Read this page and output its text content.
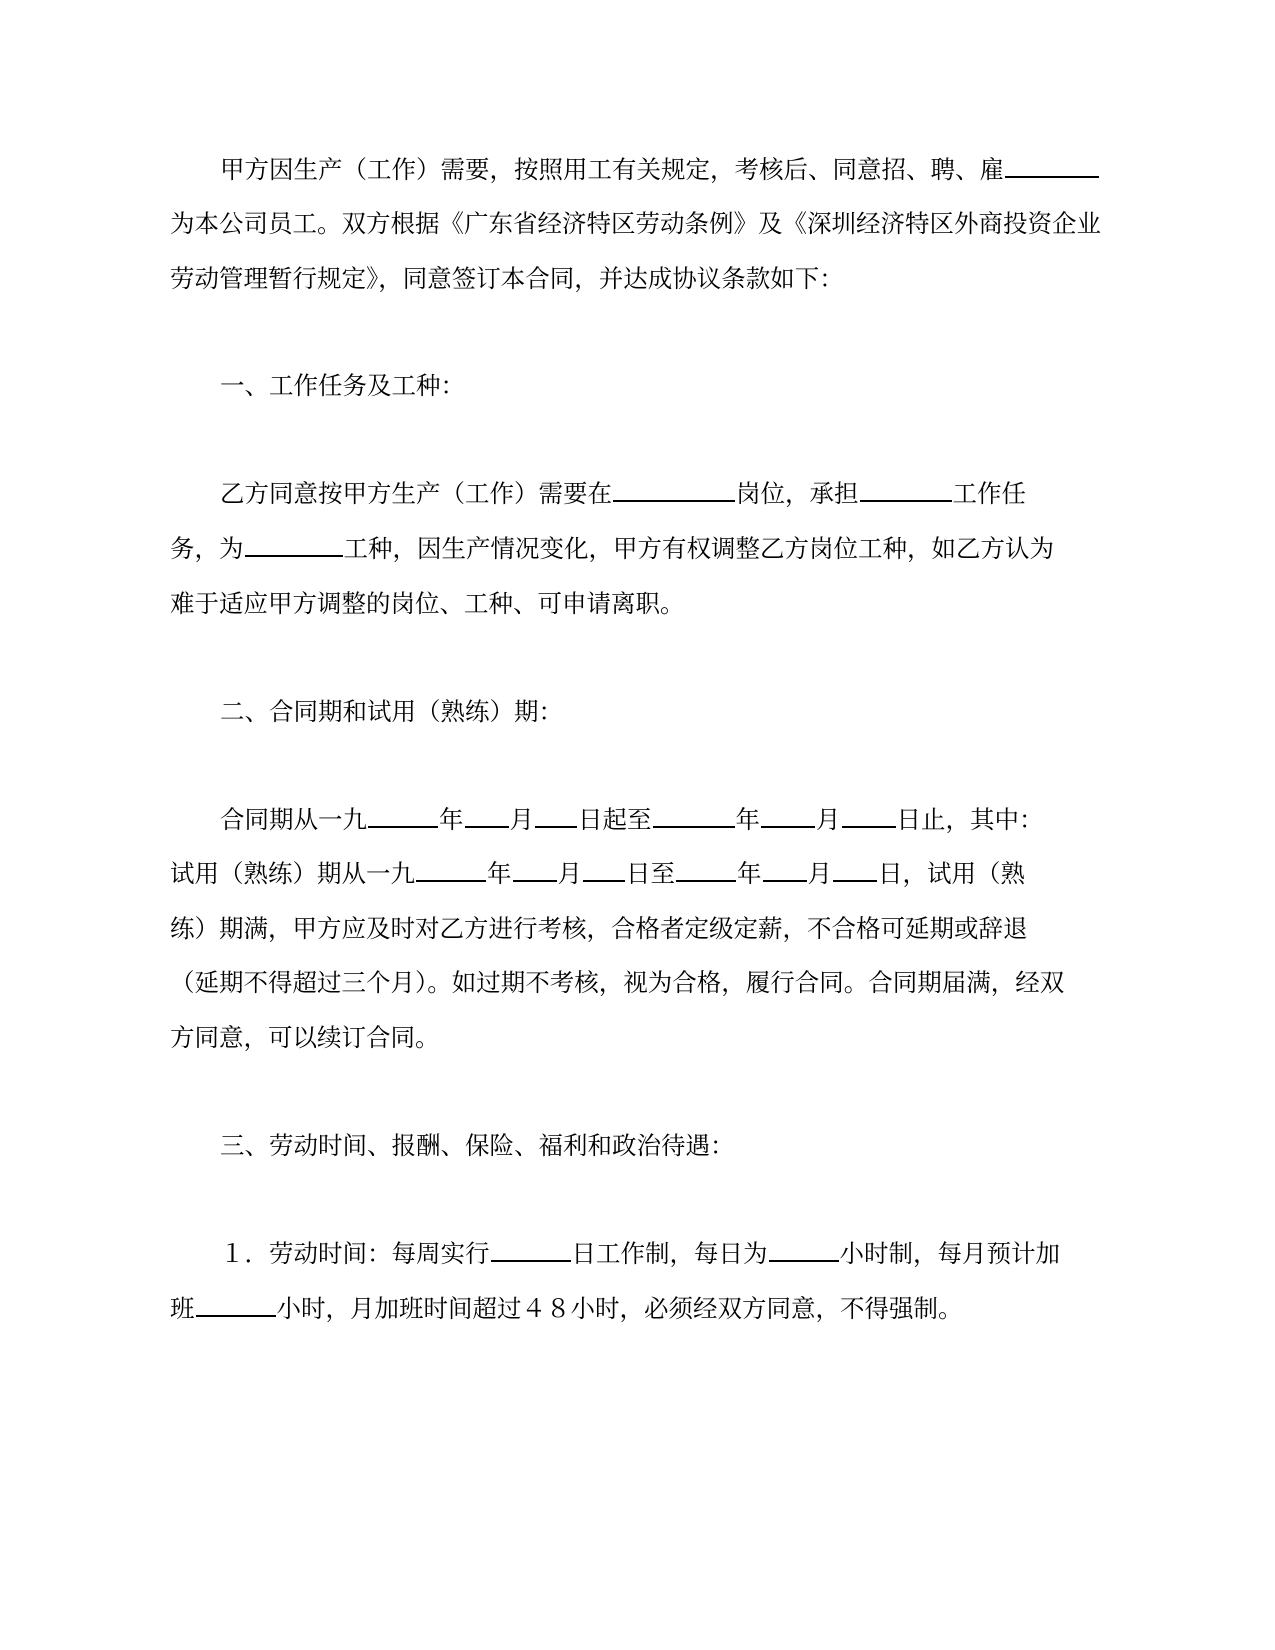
甲方因生产（工作）需要，按照用工有关规定，考核后、同意招、聘、雇
为本公司员工。双方根据《广东省经济特区劳动条例》及《深圳经济特区外商投资企业
劳动管理暂行规定》，同意签订本合同，并达成协议条款如下：
一、工作任务及工种：
乙方同意按甲方生产（工作）需要在	岗位，承担	工作任
务，为	工种，因生产情况变化，甲方有权调整乙方岗位工种，如乙方认为
难于适应甲方调整的岗位、工种、可申请离职。
二、合同期和试用（熟练）期：
合同期从一九	年 月 日起至	年 月 日止，其中：
试用（熟练）期从一九	年 月 日至	年 月 日，试用（熟
练）期满，甲方应及时对乙方进行考核，合格者定级定薪，不合格可延期或辞退
（延期不得超过三个月）。如过期不考核，视为合格，履行合同。合同期届满，经双
方同意，可以续订合同。
三、劳动时间、报酬、保险、福利和政治待遇：
１．劳动时间：每周实行	日工作制，每日为	小时制，每月预计加
班	小时，月加班时间超过４８小时，必须经双方同意，不得强制。
